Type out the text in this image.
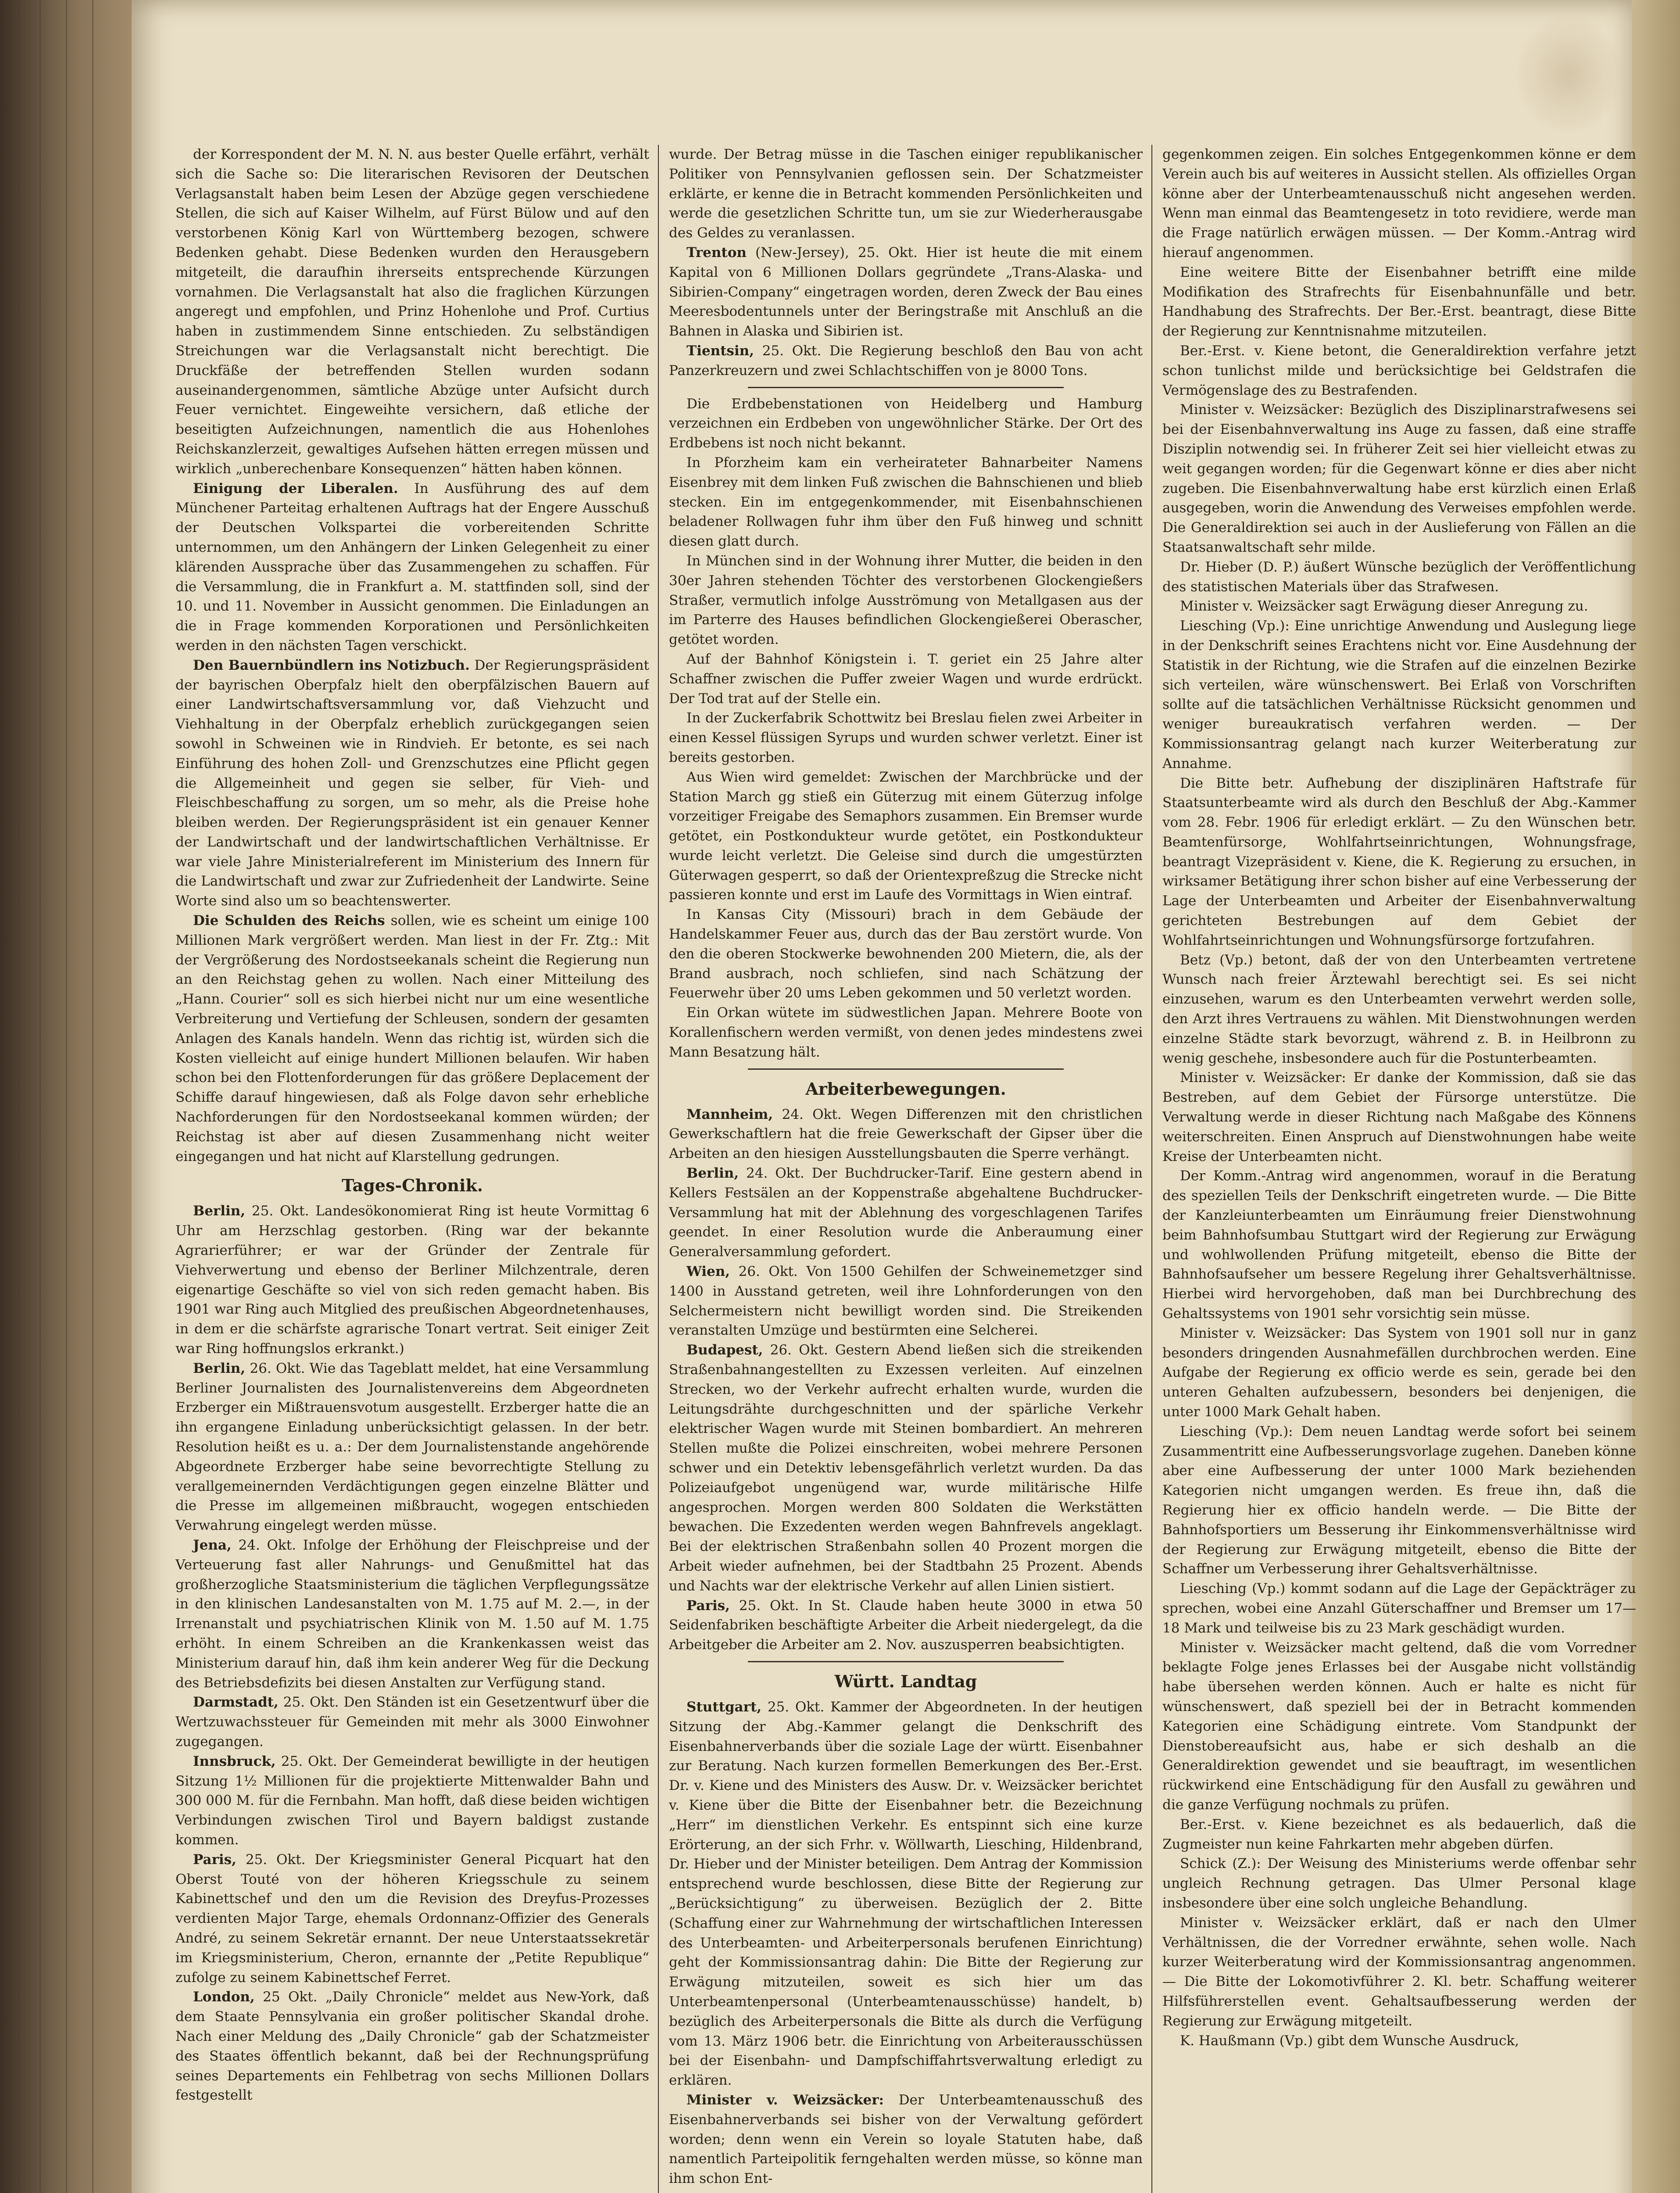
der Korrespondent der M. N. N. aus bester Quelle erfährt, verhält sich die Sache so: Die literarischen Revisoren der Deutschen Verlagsanstalt haben beim Lesen der Abzüge gegen verschiedene Stellen, die sich auf Kaiser Wilhelm, auf Fürst Bülow und auf den verstorbenen König Karl von Württemberg bezogen, schwere Bedenken gehabt. Diese Bedenken wurden den Herausgebern mitgeteilt, die daraufhin ihrerseits entsprechende Kürzungen vornahmen. Die Verlagsanstalt hat also die fraglichen Kürzungen angeregt und empfohlen, und Prinz Hohenlohe und Prof. Curtius haben in zustimmendem Sinne entschieden. Zu selbständigen Streichungen war die Verlagsanstalt nicht berechtigt. Die Druckfäße der betreffenden Stellen wurden sodann auseinandergenommen, sämtliche Abzüge unter Aufsicht durch Feuer vernichtet. Eingeweihte versichern, daß etliche der beseitigten Aufzeichnungen, namentlich die aus Hohenlohes Reichskanzlerzeit, gewaltiges Aufsehen hätten erregen müssen und wirklich „unberechenbare Konsequenzen“ hätten haben können.

Einigung der Liberalen. In Ausführung des auf dem Münchener Parteitag erhaltenen Auftrags hat der Engere Ausschuß der Deutschen Volkspartei die vorbereitenden Schritte unternommen, um den Anhängern der Linken Gelegenheit zu einer klärenden Aussprache über das Zusammengehen zu schaffen. Für die Versammlung, die in Frankfurt a. M. stattfinden soll, sind der 10. und 11. November in Aussicht genommen. Die Einladungen an die in Frage kommenden Korporationen und Persönlichkeiten werden in den nächsten Tagen verschickt.

Den Bauernbündlern ins Notizbuch. Der Regierungspräsident der bayrischen Oberpfalz hielt den oberpfälzischen Bauern auf einer Landwirtschaftsversammlung vor, daß Viehzucht und Viehhaltung in der Oberpfalz erheblich zurückgegangen seien sowohl in Schweinen wie in Rindvieh. Er betonte, es sei nach Einführung des hohen Zoll- und Grenzschutzes eine Pflicht gegen die Allgemeinheit und gegen sie selber, für Vieh- und Fleischbeschaffung zu sorgen, um so mehr, als die Preise hohe bleiben werden. Der Regierungspräsident ist ein genauer Kenner der Landwirtschaft und der landwirtschaftlichen Verhältnisse. Er war viele Jahre Ministerialreferent im Ministerium des Innern für die Landwirtschaft und zwar zur Zufriedenheit der Landwirte. Seine Worte sind also um so beachtenswerter.

Die Schulden des Reichs sollen, wie es scheint um einige 100 Millionen Mark vergrößert werden. Man liest in der Fr. Ztg.: Mit der Vergrößerung des Nordostseekanals scheint die Regierung nun an den Reichstag gehen zu wollen. Nach einer Mitteilung des „Hann. Courier“ soll es sich hierbei nicht nur um eine wesentliche Verbreiterung und Vertiefung der Schleusen, sondern der gesamten Anlagen des Kanals handeln. Wenn das richtig ist, würden sich die Kosten vielleicht auf einige hundert Millionen belaufen. Wir haben schon bei den Flottenforderungen für das größere Deplacement der Schiffe darauf hingewiesen, daß als Folge davon sehr erhebliche Nachforderungen für den Nordostseekanal kommen würden; der Reichstag ist aber auf diesen Zusammenhang nicht weiter eingegangen und hat nicht auf Klarstellung gedrungen.

Tages-Chronik.

Berlin, 25. Okt. Landesökonomierat Ring ist heute Vormittag 6 Uhr am Herzschlag gestorben. (Ring war der bekannte Agrarierführer; er war der Gründer der Zentrale für Viehverwertung und ebenso der Berliner Milchzentrale, deren eigenartige Geschäfte so viel von sich reden gemacht haben. Bis 1901 war Ring auch Mitglied des preußischen Abgeordnetenhauses, in dem er die schärfste agrarische Tonart vertrat. Seit einiger Zeit war Ring hoffnungslos erkrankt.)

Berlin, 26. Okt. Wie das Tageblatt meldet, hat eine Versammlung Berliner Journalisten des Journalistenvereins dem Abgeordneten Erzberger ein Mißtrauensvotum ausgestellt. Erzberger hatte die an ihn ergangene Einladung unberücksichtigt gelassen. In der betr. Resolution heißt es u. a.: Der dem Journalistenstande angehörende Abgeordnete Erzberger habe seine bevorrechtigte Stellung zu verallgemeinernden Verdächtigungen gegen einzelne Blätter und die Presse im allgemeinen mißbraucht, wogegen entschieden Verwahrung eingelegt werden müsse.

Jena, 24. Okt. Infolge der Erhöhung der Fleischpreise und der Verteuerung fast aller Nahrungs- und Genußmittel hat das großherzogliche Staatsministerium die täglichen Verpflegungssätze in den klinischen Landesanstalten von M. 1.75 auf M. 2.—, in der Irrenanstalt und psychiatrischen Klinik von M. 1.50 auf M. 1.75 erhöht. In einem Schreiben an die Krankenkassen weist das Ministerium darauf hin, daß ihm kein anderer Weg für die Deckung des Betriebsdefizits bei diesen Anstalten zur Verfügung stand.

Darmstadt, 25. Okt. Den Ständen ist ein Gesetzentwurf über die Wertzuwachssteuer für Gemeinden mit mehr als 3000 Einwohner zugegangen.

Innsbruck, 25. Okt. Der Gemeinderat bewilligte in der heutigen Sitzung 1½ Millionen für die projektierte Mittenwalder Bahn und 300 000 M. für die Fernbahn. Man hofft, daß diese beiden wichtigen Verbindungen zwischen Tirol und Bayern baldigst zustande kommen.

Paris, 25. Okt. Der Kriegsminister General Picquart hat den Oberst Touté von der höheren Kriegsschule zu seinem Kabinettschef und den um die Revision des Dreyfus-Prozesses verdienten Major Targe, ehemals Ordonnanz-Offizier des Generals André, zu seinem Sekretär ernannt. Der neue Unterstaatssekretär im Kriegsministerium, Cheron, ernannte der „Petite Republique“ zufolge zu seinem Kabinettschef Ferret.

London, 25 Okt. „Daily Chronicle“ meldet aus New-York, daß dem Staate Pennsylvania ein großer politischer Skandal drohe. Nach einer Meldung des „Daily Chronicle“ gab der Schatzmeister des Staates öffentlich bekannt, daß bei der Rechnungsprüfung seines Departements ein Fehlbetrag von sechs Millionen Dollars festgestellt

wurde. Der Betrag müsse in die Taschen einiger republikanischer Politiker von Pennsylvanien geflossen sein. Der Schatzmeister erklärte, er kenne die in Betracht kommenden Persönlichkeiten und werde die gesetzlichen Schritte tun, um sie zur Wiederherausgabe des Geldes zu veranlassen.

Trenton (New-Jersey), 25. Okt. Hier ist heute die mit einem Kapital von 6 Millionen Dollars gegründete „Trans-Alaska- und Sibirien-Company“ eingetragen worden, deren Zweck der Bau eines Meeresbodentunnels unter der Beringstraße mit Anschluß an die Bahnen in Alaska und Sibirien ist.

Tientsin, 25. Okt. Die Regierung beschloß den Bau von acht Panzerkreuzern und zwei Schlachtschiffen von je 8000 Tons.

Die Erdbebenstationen von Heidelberg und Hamburg verzeichnen ein Erdbeben von ungewöhnlicher Stärke. Der Ort des Erdbebens ist noch nicht bekannt.

In Pforzheim kam ein verheirateter Bahnarbeiter Namens Eisenbrey mit dem linken Fuß zwischen die Bahnschienen und blieb stecken. Ein im entgegenkommender, mit Eisenbahnschienen beladener Rollwagen fuhr ihm über den Fuß hinweg und schnitt diesen glatt durch.

In München sind in der Wohnung ihrer Mutter, die beiden in den 30er Jahren stehenden Töchter des verstorbenen Glockengießers Straßer, vermutlich infolge Ausströmung von Metallgasen aus der im Parterre des Hauses befindlichen Glockengießerei Oberascher, getötet worden.

Auf der Bahnhof Königstein i. T. geriet ein 25 Jahre alter Schaffner zwischen die Puffer zweier Wagen und wurde erdrückt. Der Tod trat auf der Stelle ein.

In der Zuckerfabrik Schottwitz bei Breslau fielen zwei Arbeiter in einen Kessel flüssigen Syrups und wurden schwer verletzt. Einer ist bereits gestorben.

Aus Wien wird gemeldet: Zwischen der Marchbrücke und der Station March gg stieß ein Güterzug mit einem Güterzug infolge vorzeitiger Freigabe des Semaphors zusammen. Ein Bremser wurde getötet, ein Postkondukteur wurde getötet, ein Postkondukteur wurde leicht verletzt. Die Geleise sind durch die umgestürzten Güterwagen gesperrt, so daß der Orientexpreßzug die Strecke nicht passieren konnte und erst im Laufe des Vormittags in Wien eintraf.

In Kansas City (Missouri) brach in dem Gebäude der Handelskammer Feuer aus, durch das der Bau zerstört wurde. Von den die oberen Stockwerke bewohnenden 200 Mietern, die, als der Brand ausbrach, noch schliefen, sind nach Schätzung der Feuerwehr über 20 ums Leben gekommen und 50 verletzt worden.

Ein Orkan wütete im südwestlichen Japan. Mehrere Boote von Korallenfischern werden vermißt, von denen jedes mindestens zwei Mann Besatzung hält.

Arbeiterbewegungen.

Mannheim, 24. Okt. Wegen Differenzen mit den christlichen Gewerkschaftlern hat die freie Gewerkschaft der Gipser über die Arbeiten an den hiesigen Ausstellungsbauten die Sperre verhängt.

Berlin, 24. Okt. Der Buchdrucker-Tarif. Eine gestern abend in Kellers Festsälen an der Koppenstraße abgehaltene Buchdrucker-Versammlung hat mit der Ablehnung des vorgeschlagenen Tarifes geendet. In einer Resolution wurde die Anberaumung einer Generalversammlung gefordert.

Wien, 26. Okt. Von 1500 Gehilfen der Schweinemetzger sind 1400 in Ausstand getreten, weil ihre Lohnforderungen von den Selchermeistern nicht bewilligt worden sind. Die Streikenden veranstalten Umzüge und bestürmten eine Selcherei.

Budapest, 26. Okt. Gestern Abend ließen sich die streikenden Straßenbahnangestellten zu Exzessen verleiten. Auf einzelnen Strecken, wo der Verkehr aufrecht erhalten wurde, wurden die Leitungsdrähte durchgeschnitten und der spärliche Verkehr elektrischer Wagen wurde mit Steinen bombardiert. An mehreren Stellen mußte die Polizei einschreiten, wobei mehrere Personen schwer und ein Detektiv lebensgefährlich verletzt wurden. Da das Polizeiaufgebot ungenügend war, wurde militärische Hilfe angesprochen. Morgen werden 800 Soldaten die Werkstätten bewachen. Die Exzedenten werden wegen Bahnfrevels angeklagt. Bei der elektrischen Straßenbahn sollen 40 Prozent morgen die Arbeit wieder aufnehmen, bei der Stadtbahn 25 Prozent. Abends und Nachts war der elektrische Verkehr auf allen Linien sistiert.

Paris, 25. Okt. In St. Claude haben heute 3000 in etwa 50 Seidenfabriken beschäftigte Arbeiter die Arbeit niedergelegt, da die Arbeitgeber die Arbeiter am 2. Nov. auszusperren beabsichtigten.

Württ. Landtag

Stuttgart, 25. Okt. Kammer der Abgeordneten. In der heutigen Sitzung der Abg.-Kammer gelangt die Denkschrift des Eisenbahnerverbands über die soziale Lage der württ. Eisenbahner zur Beratung. Nach kurzen formellen Bemerkungen des Ber.-Erst. Dr. v. Kiene und des Ministers des Ausw. Dr. v. Weizsäcker berichtet v. Kiene über die Bitte der Eisenbahner betr. die Bezeichnung „Herr“ im dienstlichen Verkehr. Es entspinnt sich eine kurze Erörterung, an der sich Frhr. v. Wöllwarth, Liesching, Hildenbrand, Dr. Hieber und der Minister beteiligen. Dem Antrag der Kommission entsprechend wurde beschlossen, diese Bitte der Regierung zur „Berücksichtigung“ zu überweisen. Bezüglich der 2. Bitte (Schaffung einer zur Wahrnehmung der wirtschaftlichen Interessen des Unterbeamten- und Arbeiterpersonals berufenen Einrichtung) geht der Kommissionsantrag dahin: Die Bitte der Regierung zur Erwägung mitzuteilen, soweit es sich hier um das Unterbeamtenpersonal (Unterbeamtenausschüsse) handelt, b) bezüglich des Arbeiterpersonals die Bitte als durch die Verfügung vom 13. März 1906 betr. die Einrichtung von Arbeiterausschüssen bei der Eisenbahn- und Dampfschiffahrtsverwaltung erledigt zu erklären.

Minister v. Weizsäcker: Der Unterbeamtenausschuß des Eisenbahnerverbands sei bisher von der Verwaltung gefördert worden; denn wenn ein Verein so loyale Statuten habe, daß namentlich Parteipolitik ferngehalten werden müsse, so könne man ihm schon Ent-

gegenkommen zeigen. Ein solches Entgegenkommen könne er dem Verein auch bis auf weiteres in Aussicht stellen. Als offizielles Organ könne aber der Unterbeamtenausschuß nicht angesehen werden. Wenn man einmal das Beamtengesetz in toto revidiere, werde man die Frage natürlich erwägen müssen. — Der Komm.-Antrag wird hierauf angenommen.

Eine weitere Bitte der Eisenbahner betrifft eine milde Modifikation des Strafrechts für Eisenbahnunfälle und betr. Handhabung des Strafrechts. Der Ber.-Erst. beantragt, diese Bitte der Regierung zur Kenntnisnahme mitzuteilen.

Ber.-Erst. v. Kiene betont, die Generaldirektion verfahre jetzt schon tunlichst milde und berücksichtige bei Geldstrafen die Vermögenslage des zu Bestrafenden.

Minister v. Weizsäcker: Bezüglich des Disziplinarstrafwesens sei bei der Eisenbahnverwaltung ins Auge zu fassen, daß eine straffe Disziplin notwendig sei. In früherer Zeit sei hier vielleicht etwas zu weit gegangen worden; für die Gegenwart könne er dies aber nicht zugeben. Die Eisenbahnverwaltung habe erst kürzlich einen Erlaß ausgegeben, worin die Anwendung des Verweises empfohlen werde. Die Generaldirektion sei auch in der Auslieferung von Fällen an die Staatsanwaltschaft sehr milde.

Dr. Hieber (D. P.) äußert Wünsche bezüglich der Veröffentlichung des statistischen Materials über das Strafwesen.

Minister v. Weizsäcker sagt Erwägung dieser Anregung zu.

Liesching (Vp.): Eine unrichtige Anwendung und Auslegung liege in der Denkschrift seines Erachtens nicht vor. Eine Ausdehnung der Statistik in der Richtung, wie die Strafen auf die einzelnen Bezirke sich verteilen, wäre wünschenswert. Bei Erlaß von Vorschriften sollte auf die tatsächlichen Verhältnisse Rücksicht genommen und weniger bureaukratisch verfahren werden. — Der Kommissionsantrag gelangt nach kurzer Weiterberatung zur Annahme.

Die Bitte betr. Aufhebung der disziplinären Haftstrafe für Staatsunterbeamte wird als durch den Beschluß der Abg.-Kammer vom 28. Febr. 1906 für erledigt erklärt. — Zu den Wünschen betr. Beamtenfürsorge, Wohlfahrtseinrichtungen, Wohnungsfrage, beantragt Vizepräsident v. Kiene, die K. Regierung zu ersuchen, in wirksamer Betätigung ihrer schon bisher auf eine Verbesserung der Lage der Unterbeamten und Arbeiter der Eisenbahnverwaltung gerichteten Bestrebungen auf dem Gebiet der Wohlfahrtseinrichtungen und Wohnungsfürsorge fortzufahren.

Betz (Vp.) betont, daß der von den Unterbeamten vertretene Wunsch nach freier Ärztewahl berechtigt sei. Es sei nicht einzusehen, warum es den Unterbeamten verwehrt werden solle, den Arzt ihres Vertrauens zu wählen. Mit Dienstwohnungen werden einzelne Städte stark bevorzugt, während z. B. in Heilbronn zu wenig geschehe, insbesondere auch für die Postunterbeamten.

Minister v. Weizsäcker: Er danke der Kommission, daß sie das Bestreben, auf dem Gebiet der Fürsorge unterstütze. Die Verwaltung werde in dieser Richtung nach Maßgabe des Könnens weiterschreiten. Einen Anspruch auf Dienstwohnungen habe weite Kreise der Unterbeamten nicht.

Der Komm.-Antrag wird angenommen, worauf in die Beratung des speziellen Teils der Denkschrift eingetreten wurde. — Die Bitte der Kanzleiunterbeamten um Einräumung freier Dienstwohnung beim Bahnhofsumbau Stuttgart wird der Regierung zur Erwägung und wohlwollenden Prüfung mitgeteilt, ebenso die Bitte der Bahnhofsaufseher um bessere Regelung ihrer Gehaltsverhältnisse. Hierbei wird hervorgehoben, daß man bei Durchbrechung des Gehaltssystems von 1901 sehr vorsichtig sein müsse.

Minister v. Weizsäcker: Das System von 1901 soll nur in ganz besonders dringenden Ausnahmefällen durchbrochen werden. Eine Aufgabe der Regierung ex officio werde es sein, gerade bei den unteren Gehalten aufzubessern, besonders bei denjenigen, die unter 1000 Mark Gehalt haben.

Liesching (Vp.): Dem neuen Landtag werde sofort bei seinem Zusammentritt eine Aufbesserungsvorlage zugehen. Daneben könne aber eine Aufbesserung der unter 1000 Mark beziehenden Kategorien nicht umgangen werden. Es freue ihn, daß die Regierung hier ex officio handeln werde. — Die Bitte der Bahnhofsportiers um Besserung ihr Einkommensverhältnisse wird der Regierung zur Erwägung mitgeteilt, ebenso die Bitte der Schaffner um Verbesserung ihrer Gehaltsverhältnisse.

Liesching (Vp.) kommt sodann auf die Lage der Gepäckträger zu sprechen, wobei eine Anzahl Güterschaffner und Bremser um 17—18 Mark und teilweise bis zu 23 Mark geschädigt wurden.

Minister v. Weizsäcker macht geltend, daß die vom Vorredner beklagte Folge jenes Erlasses bei der Ausgabe nicht vollständig habe übersehen werden können. Auch er halte es nicht für wünschenswert, daß speziell bei der in Betracht kommenden Kategorien eine Schädigung eintrete. Vom Standpunkt der Dienstobereaufsicht aus, habe er sich deshalb an die Generaldirektion gewendet und sie beauftragt, im wesentlichen rückwirkend eine Entschädigung für den Ausfall zu gewähren und die ganze Verfügung nochmals zu prüfen.

Ber.-Erst. v. Kiene bezeichnet es als bedauerlich, daß die Zugmeister nun keine Fahrkarten mehr abgeben dürfen.

Schick (Z.): Der Weisung des Ministeriums werde offenbar sehr ungleich Rechnung getragen. Das Ulmer Personal klage insbesondere über eine solch ungleiche Behandlung.

Minister v. Weizsäcker erklärt, daß er nach den Ulmer Verhältnissen, die der Vorredner erwähnte, sehen wolle. Nach kurzer Weiterberatung wird der Kommissionsantrag angenommen. — Die Bitte der Lokomotivführer 2. Kl. betr. Schaffung weiterer Hilfsführerstellen event. Gehaltsaufbesserung werden der Regierung zur Erwägung mitgeteilt.

K. Haußmann (Vp.) gibt dem Wunsche Ausdruck,
